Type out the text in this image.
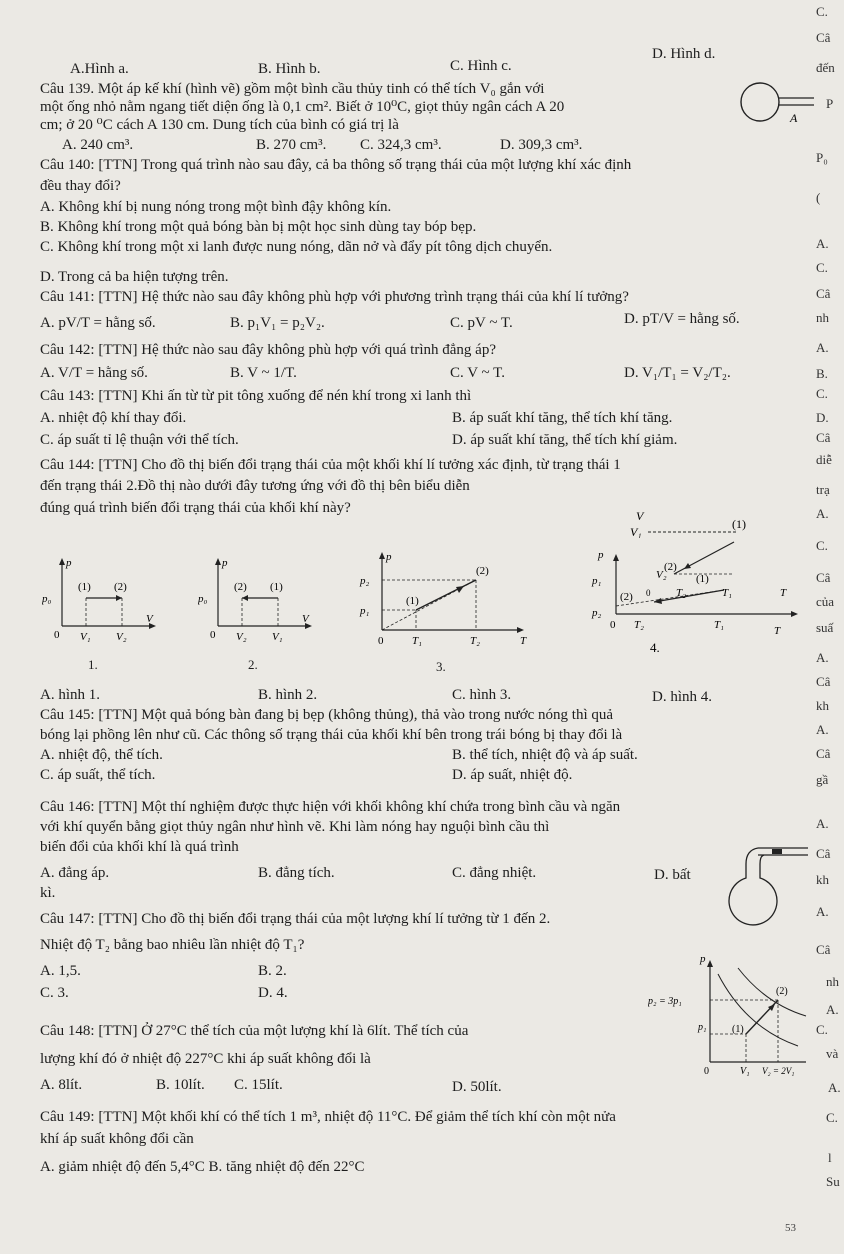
A.Hình a.	B. Hình b.	C. Hình c.
D. Hình d.
Câu 139. Một áp kế khí (hình vẽ) gồm một bình cầu thủy tinh có thể tích V₀ gắn với
một ống nhỏ nằm ngang tiết diện ống là 0,1 cm². Biết ở 10⁰C, giọt thủy ngân cách A 20
cm; ở 20 ⁰C cách A 130 cm. Dung tích của bình có giá trị là
A. 240 cm³.	B. 270 cm³. C. 324,3 cm³.	D. 309,3 cm³.
A
Câu 140: [TTN] Trong quá trình nào sau đây, cả ba thông số trạng thái của một lượng khí xác định
đều thay đổi?
A. Không khí bị nung nóng trong một bình đậy không kín.
B. Không khí trong một quả bóng bàn bị một học sinh dùng tay bóp bẹp.
C. Không khí trong một xi lanh được nung nóng, dãn nở và đẩy pít tông dịch chuyển.
D. Trong cả ba hiện tượng trên.
Câu 141: [TTN] Hệ thức nào sau đây không phù hợp với phương trình trạng thái của khí lí tưởng?
A. pV/T = hằng số.	B. p₁V₁ = p₂V₂.	C. pV ~ T.	D. pT/V = hằng số.
Câu 142: [TTN] Hệ thức nào sau đây không phù hợp với quá trình đẳng áp?
A. V/T = hằng số.	B. V ~ 1/T.	C. V ~ T.	D. V₁/T₁ = V₂/T₂.
Câu 143: [TTN] Khi ấn từ từ pit tông xuống để nén khí trong xi lanh thì
A. nhiệt độ khí thay đổi.	B. áp suất khí tăng, thể tích khí tăng.
C. áp suất tỉ lệ thuận với thể tích.	D. áp suất khí tăng, thể tích khí giảm.
Câu 144: [TTN] Cho đồ thị biến đổi trạng thái của một khối khí lí tưởng xác định, từ trạng thái 1
đến trạng thái 2.Đồ thị nào dưới đây tương ứng với đồ thị bên biểu diễn
đúng quá trình biến đổi trạng thái của khối khí này?	V
V₁
(1)
p
p₀
(1) (2)
V
0 V₁ V₂
1.
p
p₀
(2) (1)
V
0 V₂ V₁
2.
p
p₂
p₁
(2)
(1)
0	T₁	T₂	T
3.
p
p₁
p₂
V₂
(2)
(1)
(2) 0 T₂	T₁	T
0 T₂	T₁	T
4.
A. hình 1.	B. hình 2.	C. hình 3.	D. hình 4.
Câu 145: [TTN] Một quả bóng bàn đang bị bẹp (không thủng), thả vào trong nước nóng thì quả
bóng lại phồng lên như cũ. Các thông số trạng thái của khối khí bên trong trái bóng bị thay đổi là
A. nhiệt độ, thể tích.	B. thể tích, nhiệt độ và áp suất.
C. áp suất, thể tích.	D. áp suất, nhiệt độ.
Câu 146: [TTN] Một thí nghiệm được thực hiện với khối không khí chứa trong bình cầu và ngăn
với khí quyển bằng giọt thủy ngân như hình vẽ. Khi làm nóng hay nguội bình cầu thì
biến đổi của khối khí là quá trình
A. đẳng áp.	B. đẳng tích.	C. đẳng nhiệt.	D. bất
kì.
Câu 147: [TTN] Cho đồ thị biến đổi trạng thái của một lượng khí lí tưởng từ 1 đến 2.
Nhiệt độ T₂ bằng bao nhiêu lần nhiệt độ T₁?
A. 1,5.	B. 2.
C. 3.	D. 4.
p
p₂ = 3p₁
p₁	(1)
(2)
0	V₁ V₂ = 2V₁
Câu 148: [TTN] Ở 27°C thể tích của một lượng khí là 6lít. Thể tích của
lượng khí đó ở nhiệt độ 227°C khi áp suất không đổi là
A. 8lít.	B. 10lít. C. 15lít.	D. 50lít.
Câu 149: [TTN] Một khối khí có thể tích 1 m³, nhiệt độ 11°C. Để giảm thể tích khí còn một nửa
khí áp suất không đổi cần
A. giảm nhiệt độ đến 5,4°C B. tăng nhiệt độ đến 22°C
C.
Câ
đến
P
P₀
(
A.
C.
Câ
nh
A.
B.
C.
D.
Câ
diễ
trạ
A.
C.
Câ
của
suấ
A.
Câ
kh
A.
Câ
gầ
A.
Câ
kh
A.
Câ
nh
A.
C.
và
A.
C.
l
Su
53
